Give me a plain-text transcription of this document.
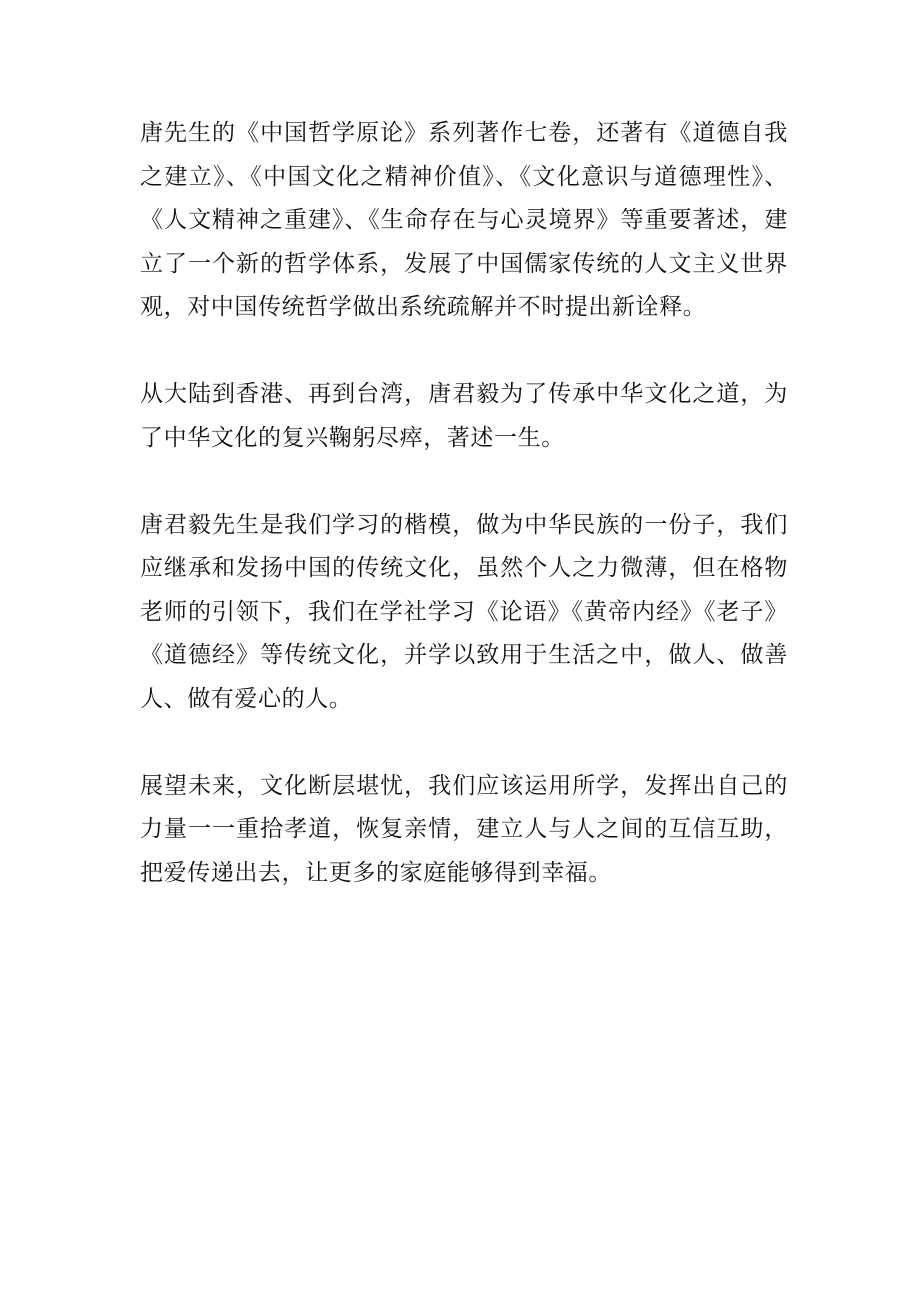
唐先生的《中国哲学原论》系列著作七卷，还著有《道德自我之建立》、《中国文化之精神价值》、《文化意识与道德理性》、《人文精神之重建》、《生命存在与心灵境界》等重要著述，建立了一个新的哲学体系，发展了中国儒家传统的人文主义世界观，对中国传统哲学做出系统疏解并不时提出新诠释。

从大陆到香港、再到台湾，唐君毅为了传承中华文化之道，为了中华文化的复兴鞠躬尽瘁，著述一生。

唐君毅先生是我们学习的楷模，做为中华民族的一份子，我们应继承和发扬中国的传统文化，虽然个人之力微薄，但在格物老师的引领下，我们在学社学习《论语》《黄帝内经》《老子》《道德经》等传统文化，并学以致用于生活之中，做人、做善人、做有爱心的人。

展望未来，文化断层堪忧，我们应该运用所学，发挥出自己的力量一一重拾孝道，恢复亲情，建立人与人之间的互信互助，把爱传递出去，让更多的家庭能够得到幸福。
